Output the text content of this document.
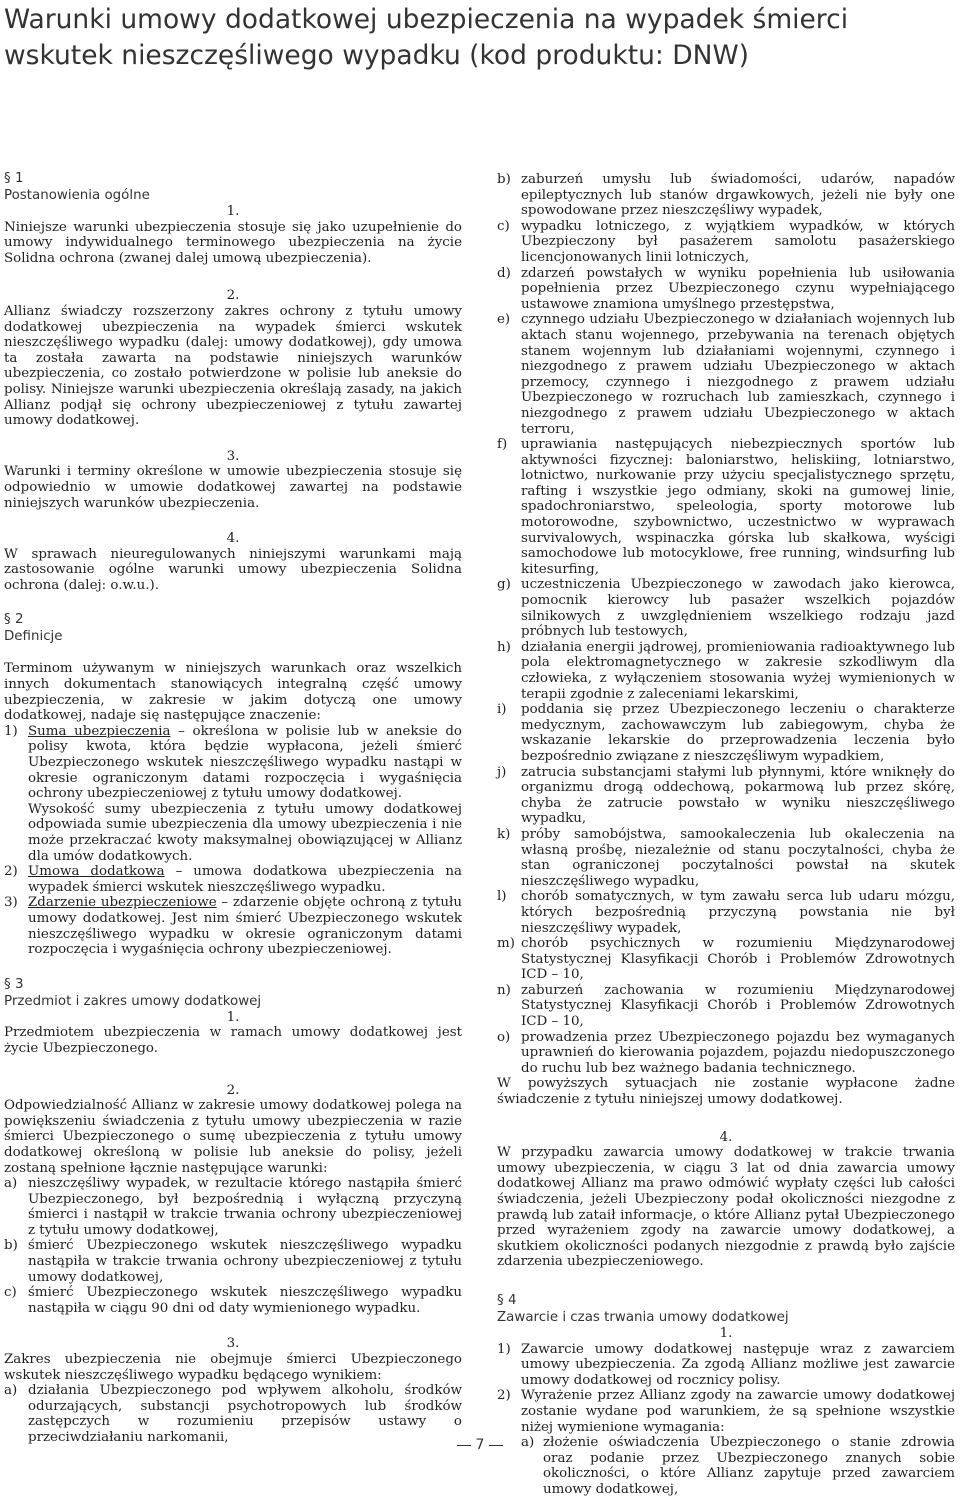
Warunki umowy dodatkowej ubezpieczenia na wypadek śmierci wskutek nieszczęśliwego wypadku (kod produktu: DNW)
§ 1
Postanowienia ogólne
1.

Niniejsze warunki ubezpieczenia stosuje się jako uzupełnienie do umowy indywidualnego terminowego ubezpieczenia na życie Solidna ochrona (zwanej dalej umową ubezpieczenia).

2.

Allianz świadczy rozszerzony zakres ochrony z tytułu umowy dodatkowej ubezpieczenia na wypadek śmierci wskutek nieszczęśliwego wypadku (dalej: umowy dodatkowej), gdy umowa ta została zawarta na podstawie niniejszych warunków ubezpieczenia, co zostało potwierdzone w polisie lub aneksie do polisy. Niniejsze warunki ubezpieczenia określają zasady, na jakich Allianz podjął się ochrony ubezpieczeniowej z tytułu zawartej umowy dodatkowej.

3.

Warunki i terminy określone w umowie ubezpieczenia stosuje się odpowiednio w umowie dodatkowej zawartej na podstawie niniejszych warunków ubezpieczenia.

4.

W sprawach nieuregulowanych niniejszymi warunkami mają zastosowanie ogólne warunki umowy ubezpieczenia Solidna ochrona (dalej: o.w.u.).

§ 2
Definicje

Terminom używanym w niniejszych warunkach oraz wszelkich innych dokumentach stanowiących integralną część umowy ubezpieczenia, w zakresie w jakim dotyczą one umowy dodatkowej, nadaje się następujące znaczenie:

1) Suma ubezpieczenia – określona w polisie lub w aneksie do polisy kwota, która będzie wypłacona, jeżeli śmierć Ubezpieczonego wskutek nieszczęśliwego wypadku nastąpi w okresie ograniczonym datami rozpoczęcia i wygaśnięcia ochrony ubezpieczeniowej z tytułu umowy dodatkowej.
Wysokość sumy ubezpieczenia z tytułu umowy dodatkowej odpowiada sumie ubezpieczenia dla umowy ubezpieczenia i nie może przekraczać kwoty maksymalnej obowiązującej w Allianz dla umów dodatkowych.
2) Umowa dodatkowa – umowa dodatkowa ubezpieczenia na wypadek śmierci wskutek nieszczęśliwego wypadku.
3) Zdarzenie ubezpieczeniowe – zdarzenie objęte ochroną z tytułu umowy dodatkowej. Jest nim śmierć Ubezpieczonego wskutek nieszczęśliwego wypadku w okresie ograniczonym datami rozpoczęcia i wygaśnięcia ochrony ubezpieczeniowej.
§ 3
Przedmiot i zakres umowy dodatkowej
1.

Przedmiotem ubezpieczenia w ramach umowy dodatkowej jest życie Ubezpieczonego.

2.

Odpowiedzialność Allianz w zakresie umowy dodatkowej polega na powiększeniu świadczenia z tytułu umowy ubezpieczenia w razie śmierci Ubezpieczonego o sumę ubezpieczenia z tytułu umowy dodatkowej określoną w polisie lub aneksie do polisy, jeżeli zostaną spełnione łącznie następujące warunki:

a) nieszczęśliwy wypadek, w rezultacie którego nastąpiła śmierć Ubezpieczonego, był bezpośrednią i wyłączną przyczyną śmierci i nastąpił w trakcie trwania ochrony ubezpieczeniowej z tytułu umowy dodatkowej,
b) śmierć Ubezpieczonego wskutek nieszczęśliwego wypadku nastąpiła w trakcie trwania ochrony ubezpieczeniowej z tytułu umowy dodatkowej,
c) śmierć Ubezpieczonego wskutek nieszczęśliwego wypadku nastąpiła w ciągu 90 dni od daty wymienionego wypadku.
3.

Zakres ubezpieczenia nie obejmuje śmierci Ubezpieczonego wskutek nieszczęśliwego wypadku będącego wynikiem:

a) działania Ubezpieczonego pod wpływem alkoholu, środków odurzających, substancji psychotropowych lub środków zastępczych w rozumieniu przepisów ustawy o przeciwdziałaniu narkomanii,
b) zaburzeń umysłu lub świadomości, udarów, napadów epileptycznych lub stanów drgawkowych, jeżeli nie były one spowodowane przez nieszczęśliwy wypadek,
c) wypadku lotniczego, z wyjątkiem wypadków, w których Ubezpieczony był pasażerem samolotu pasażerskiego licencjonowanych linii lotniczych,
d) zdarzeń powstałych w wyniku popełnienia lub usiłowania popełnienia przez Ubezpieczonego czynu wypełniającego ustawowe znamiona umyślnego przestępstwa,
e) czynnego udziału Ubezpieczonego w działaniach wojennych lub aktach stanu wojennego, przebywania na terenach objętych stanem wojennym lub działaniami wojennymi, czynnego i niezgodnego z prawem udziału Ubezpieczonego w aktach przemocy, czynnego i niezgodnego z prawem udziału Ubezpieczonego w rozruchach lub zamieszkach, czynnego i niezgodnego z prawem udziału Ubezpieczonego w aktach terroru,
f)	uprawiania następujących niebezpiecznych sportów lub aktywności fizycznej: baloniarstwo, heliskiing, lotniarstwo, lotnictwo, nurkowanie przy użyciu specjalistycznego sprzętu, rafting i wszystkie jego odmiany, skoki na gumowej linie, spadochroniarstwo, speleologia, sporty motorowe lub motorowodne, szybownictwo, uczestnictwo w wyprawach survivalowych, wspinaczka górska lub skałkowa, wyścigi samochodowe lub motocyklowe, free running, windsurfing lub kitesurfing,
g) uczestniczenia Ubezpieczonego w zawodach jako kierowca, pomocnik kierowcy lub pasażer wszelkich pojazdów silnikowych z uwzględnieniem wszelkiego rodzaju jazd próbnych lub testowych,
h) działania energii jądrowej, promieniowania radioaktywnego lub pola elektromagnetycznego w zakresie szkodliwym dla człowieka, z wyłączeniem stosowania wyżej wymienionych w terapii zgodnie z zaleceniami lekarskimi,
i)	poddania się przez Ubezpieczonego leczeniu o charakterze medycznym, zachowawczym lub zabiegowym, chyba że wskazanie lekarskie do przeprowadzenia leczenia było bezpośrednio związane z nieszczęśliwym wypadkiem,
j)	zatrucia substancjami stałymi lub płynnymi, które wniknęły do organizmu drogą oddechową, pokarmową lub przez skórę, chyba że zatrucie powstało w wyniku nieszczęśliwego wypadku,
k) próby samobójstwa, samookaleczenia lub okaleczenia na własną prośbę, niezależnie od stanu poczytalności, chyba że stan ograniczonej poczytalności powstał na skutek nieszczęśliwego wypadku,
l)	chorób somatycznych, w tym zawału serca lub udaru mózgu, których bezpośrednią przyczyną powstania nie był nieszczęśliwy wypadek,
m) chorób psychicznych w rozumieniu Międzynarodowej Statystycznej Klasyfikacji Chorób i Problemów Zdrowotnych ICD – 10,
n) zaburzeń zachowania w rozumieniu Międzynarodowej Statystycznej Klasyfikacji Chorób i Problemów Zdrowotnych ICD – 10,
o) prowadzenia przez Ubezpieczonego pojazdu bez wymaganych uprawnień do kierowania pojazdem, pojazdu niedopuszczonego do ruchu lub bez ważnego badania technicznego.

W powyższych sytuacjach nie zostanie wypłacone żadne świadczenie z tytułu niniejszej umowy dodatkowej.

4.

W przypadku zawarcia umowy dodatkowej w trakcie trwania umowy ubezpieczenia, w ciągu 3 lat od dnia zawarcia umowy dodatkowej Allianz ma prawo odmówić wypłaty części lub całości świadczenia, jeżeli Ubezpieczony podał okoliczności niezgodne z prawdą lub zataił informacje, o które Allianz pytał Ubezpieczonego przed wyrażeniem zgody na zawarcie umowy dodatkowej, a skutkiem okoliczności podanych niezgodnie z prawdą było zajście zdarzenia ubezpieczeniowego.

§ 4
Zawarcie i czas trwania umowy dodatkowej
1.
1) Zawarcie umowy dodatkowej następuje wraz z zawarciem umowy ubezpieczenia. Za zgodą Allianz możliwe jest zawarcie umowy dodatkowej od rocznicy polisy.
2) Wyrażenie przez Allianz zgody na zawarcie umowy dodatkowej zostanie wydane pod warunkiem, że są spełnione wszystkie niżej wymienione wymagania:
a) złożenie oświadczenia Ubezpieczonego o stanie zdrowia oraz podanie przez Ubezpieczonego znanych sobie okoliczności, o które Allianz zapytuje przed zawarciem umowy dodatkowej,
7
